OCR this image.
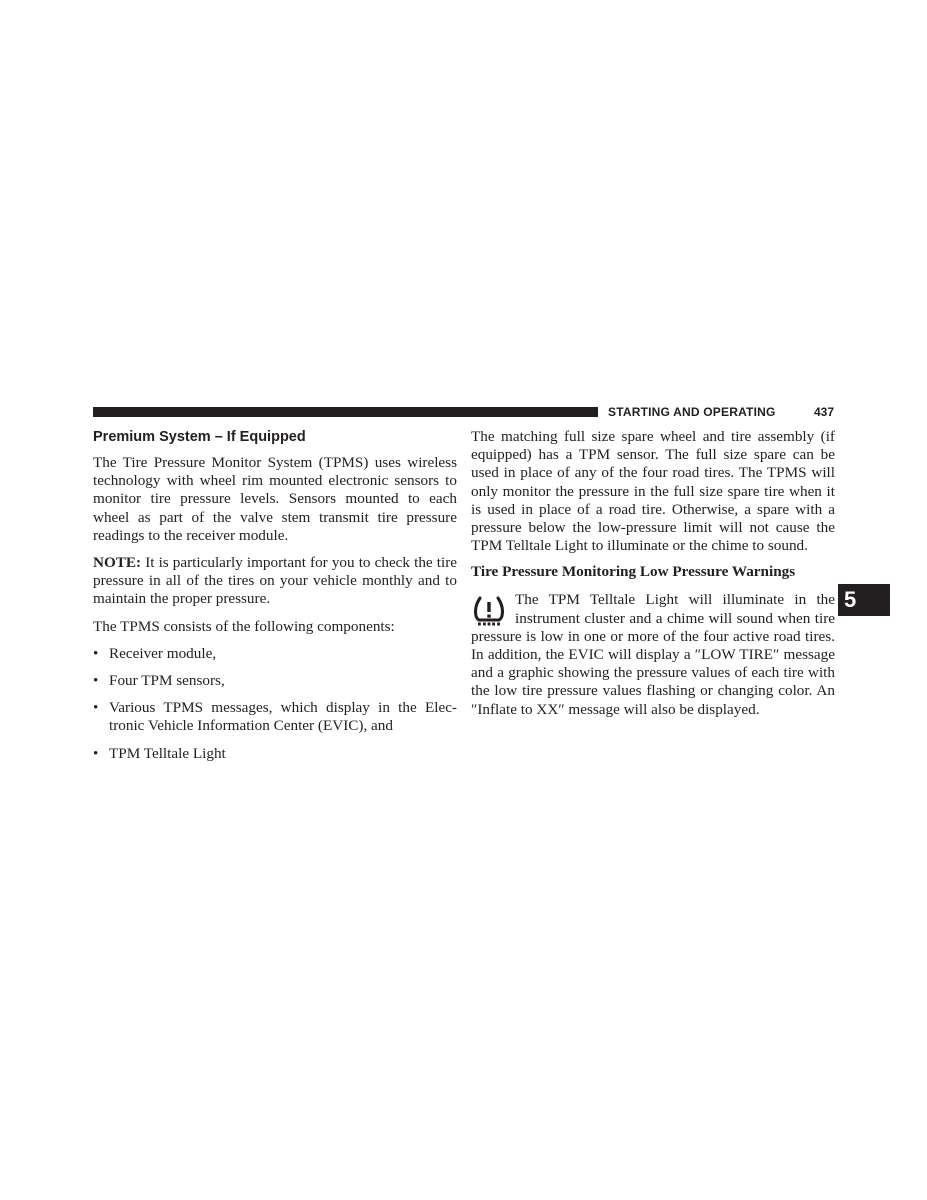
STARTING AND OPERATING	437
5
Premium System – If Equipped

The Tire Pressure Monitor System (TPMS) uses wireless technology with wheel rim mounted electronic sensors to monitor tire pressure levels. Sensors mounted to each wheel as part of the valve stem transmit tire pressure readings to the receiver module.

NOTE: It is particularly important for you to check the tire pressure in all of the tires on your vehicle monthly and to maintain the proper pressure.

The TPMS consists of the following components:

• Receiver module,
• Four TPM sensors,
• Various TPMS messages, which display in the Elec-tronic Vehicle Information Center (EVIC), and
• TPM Telltale Light

The matching full size spare wheel and tire assembly (if equipped) has a TPM sensor. The full size spare can be used in place of any of the four road tires. The TPMS will only monitor the pressure in the full size spare tire when it is used in place of a road tire. Otherwise, a spare with a pressure below the low-pressure limit will not cause the TPM Telltale Light to illuminate or the chime to sound.

Tire Pressure Monitoring Low Pressure Warnings

The TPM Telltale Light will illuminate in the instrument cluster and a chime will sound when tire pressure is low in one or more of the four active road tires. In addition, the EVIC will display a ″LOW TIRE″ message and a graphic showing the pressure values of each tire with the low tire pressure values flashing or changing color. An ″Inflate to XX″ message will also be displayed.
